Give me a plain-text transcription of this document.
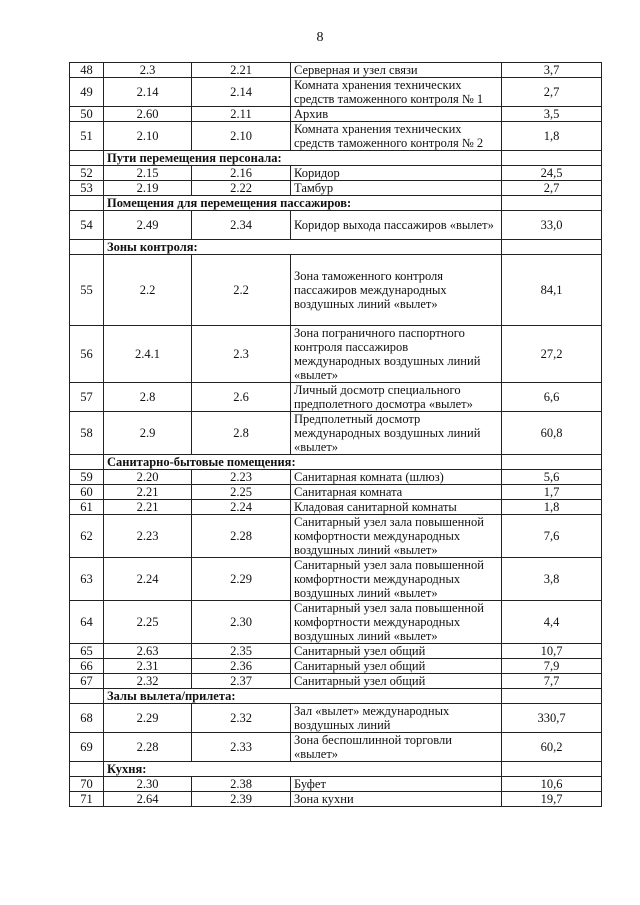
8
48	2.3	2.21	Серверная и узел связи	3,7
49	2.14	2.14	Комната хранения технических средств таможенного контроля № 1	2,7
50	2.60	2.11	Архив	3,5
51	2.10	2.10	Комната хранения технических средств таможенного контроля № 2	1,8
	Пути перемещения персонала:			
52	2.15	2.16	Коридор	24,5
53	2.19	2.22	Тамбур	2,7
	Помещения для перемещения пассажиров:			
54	2.49	2.34	Коридор выхода пассажиров «вылет»	33,0
	Зоны контроля:			
55	2.2	2.2	Зона таможенного контроля пассажиров международных воздушных линий «вылет»	84,1
56	2.4.1	2.3	Зона пограничного паспортного контроля пассажиров международных воздушных линий «вылет»	27,2
57	2.8	2.6	Личный досмотр специального предполетного досмотра «вылет»	6,6
58	2.9	2.8	Предполетный досмотр международных воздушных линий «вылет»	60,8
	Санитарно-бытовые помещения:			
59	2.20	2.23	Санитарная комната (шлюз)	5,6
60	2.21	2.25	Санитарная комната	1,7
61	2.21	2.24	Кладовая санитарной комнаты	1,8
62	2.23	2.28	Санитарный узел зала повышенной комфортности международных воздушных линий «вылет»	7,6
63	2.24	2.29	Санитарный узел зала повышенной комфортности международных воздушных линий «вылет»	3,8
64	2.25	2.30	Санитарный узел зала повышенной комфортности международных воздушных линий «вылет»	4,4
65	2.63	2.35	Санитарный узел общий	10,7
66	2.31	2.36	Санитарный узел общий	7,9
67	2.32	2.37	Санитарный узел общий	7,7
	Залы вылета/прилета:			
68	2.29	2.32	Зал «вылет» международных воздушных линий	330,7
69	2.28	2.33	Зона беспошлинной торговли «вылет»	60,2
	Кухня:			
70	2.30	2.38	Буфет	10,6
71	2.64	2.39	Зона кухни	19,7
